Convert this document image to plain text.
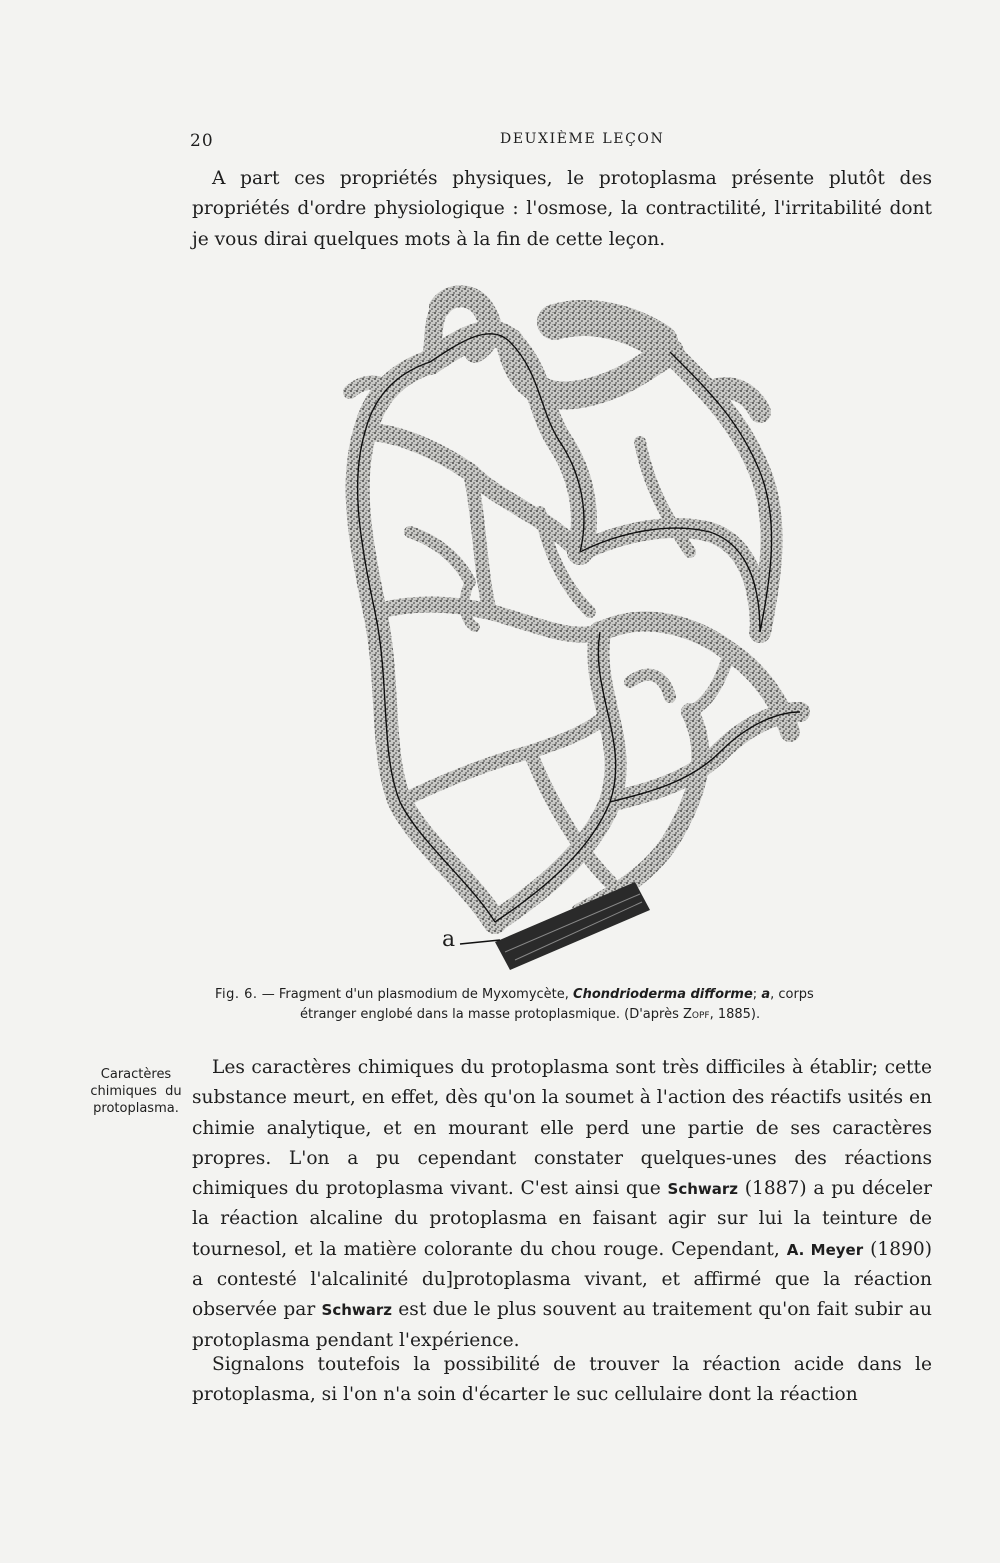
20	DEUXIÈME LEÇON

A part ces propriétés physiques, le protoplasma présente plutôt des propriétés d'ordre physiologique : l'osmose, la contractilité, l'irritabilité dont je vous dirai quelques mots à la fin de cette leçon.

a

Fig. 6. — Fragment d'un plasmodium de Myxomycète, Chondrioderma difforme; a, corps
étranger englobé dans la masse protoplasmique. (D'après Zopf, 1885).

Caractères
chimiques  du
protoplasma.

Les caractères chimiques du protoplasma sont très difficiles à établir; cette substance meurt, en effet, dès qu'on la soumet à l'action des réactifs usités en chimie analytique, et en mourant elle perd une partie de ses caractères propres. L'on a pu cependant constater quelques-unes des réactions chimiques du protoplasma vivant. C'est ainsi que Schwarz (1887) a pu déceler la réaction alcaline du protoplasma en faisant agir sur lui la teinture de tournesol, et la matière colorante du chou rouge. Cependant, A. Meyer (1890) a contesté l'alcalinité du]protoplasma vivant, et affirmé que la réaction observée par Schwarz est due le plus souvent au traitement qu'on fait subir au protoplasma pendant l'expérience.

Signalons toutefois la possibilité de trouver la réaction acide dans le protoplasma, si l'on n'a soin d'écarter le suc cellulaire dont la réaction
